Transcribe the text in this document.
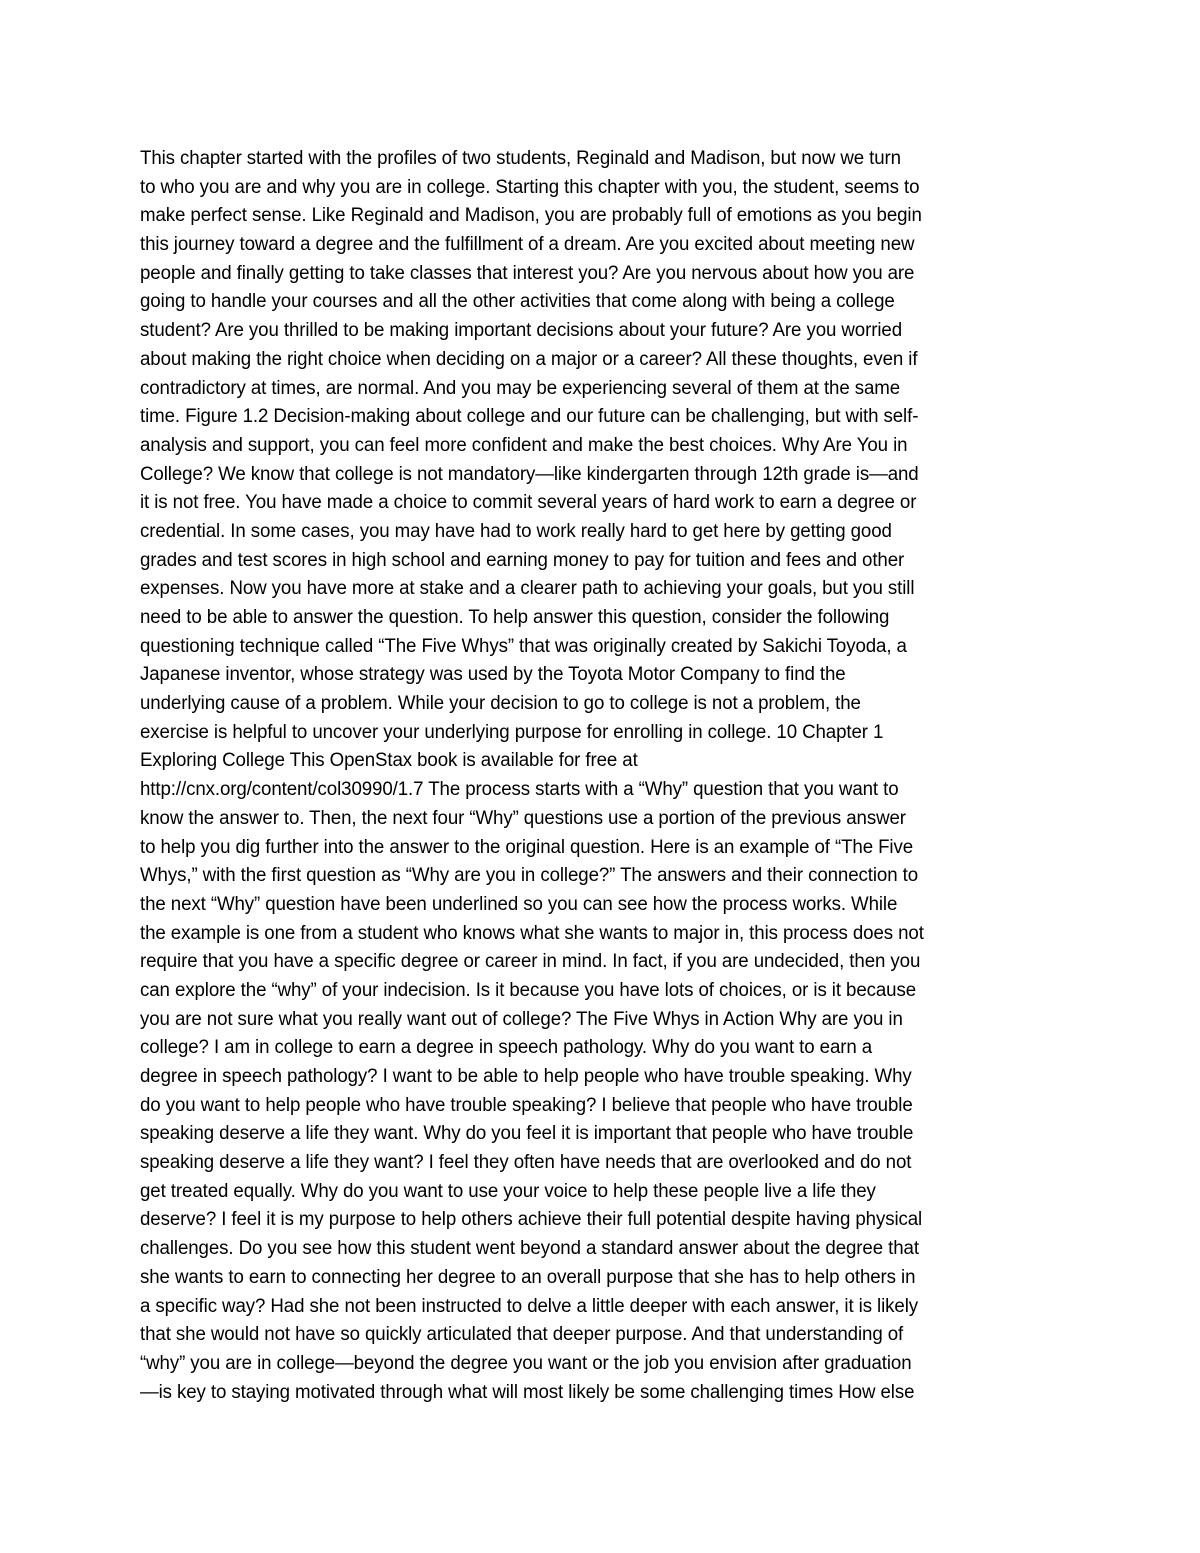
This chapter started with the profiles of two students, Reginald and Madison, but now we turn
to who you are and why you are in college. Starting this chapter with you, the student, seems to
make perfect sense. Like Reginald and Madison, you are probably full of emotions as you begin
this journey toward a degree and the fulfillment of a dream. Are you excited about meeting new
people and finally getting to take classes that interest you? Are you nervous about how you are
going to handle your courses and all the other activities that come along with being a college
student? Are you thrilled to be making important decisions about your future? Are you worried
about making the right choice when deciding on a major or a career? All these thoughts, even if
contradictory at times, are normal. And you may be experiencing several of them at the same
time. Figure 1.2 Decision-making about college and our future can be challenging, but with self-
analysis and support, you can feel more confident and make the best choices. Why Are You in
College? We know that college is not mandatory—like kindergarten through 12th grade is—and
it is not free. You have made a choice to commit several years of hard work to earn a degree or
credential. In some cases, you may have had to work really hard to get here by getting good
grades and test scores in high school and earning money to pay for tuition and fees and other
expenses. Now you have more at stake and a clearer path to achieving your goals, but you still
need to be able to answer the question. To help answer this question, consider the following
questioning technique called “The Five Whys” that was originally created by Sakichi Toyoda, a
Japanese inventor, whose strategy was used by the Toyota Motor Company to find the
underlying cause of a problem. While your decision to go to college is not a problem, the
exercise is helpful to uncover your underlying purpose for enrolling in college. 10 Chapter 1
Exploring College This OpenStax book is available for free at
http://cnx.org/content/col30990/1.7 The process starts with a “Why” question that you want to
know the answer to. Then, the next four “Why” questions use a portion of the previous answer
to help you dig further into the answer to the original question. Here is an example of “The Five
Whys,” with the first question as “Why are you in college?” The answers and their connection to
the next “Why” question have been underlined so you can see how the process works. While
the example is one from a student who knows what she wants to major in, this process does not
require that you have a specific degree or career in mind. In fact, if you are undecided, then you
can explore the “why” of your indecision. Is it because you have lots of choices, or is it because
you are not sure what you really want out of college? The Five Whys in Action Why are you in
college? I am in college to earn a degree in speech pathology. Why do you want to earn a
degree in speech pathology? I want to be able to help people who have trouble speaking. Why
do you want to help people who have trouble speaking? I believe that people who have trouble
speaking deserve a life they want. Why do you feel it is important that people who have trouble
speaking deserve a life they want? I feel they often have needs that are overlooked and do not
get treated equally. Why do you want to use your voice to help these people live a life they
deserve? I feel it is my purpose to help others achieve their full potential despite having physical
challenges. Do you see how this student went beyond a standard answer about the degree that
she wants to earn to connecting her degree to an overall purpose that she has to help others in
a specific way? Had she not been instructed to delve a little deeper with each answer, it is likely
that she would not have so quickly articulated that deeper purpose. And that understanding of
“why” you are in college—beyond the degree you want or the job you envision after graduation
—is key to staying motivated through what will most likely be some challenging times How else
